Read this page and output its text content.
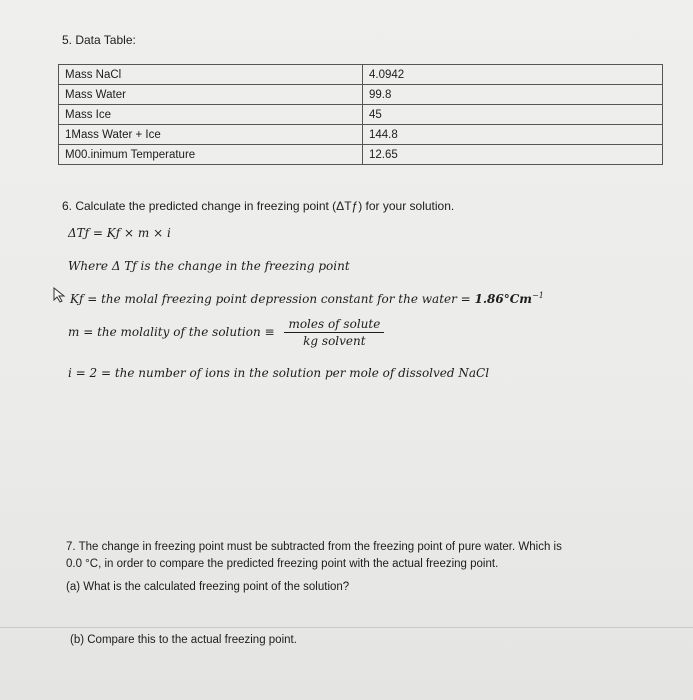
5. Data Table:
Mass NaCl	4.0942
Mass Water	99.8
Mass Ice	45
1Mass Water + Ice	144.8
M00.inimum Temperature	12.65
6. Calculate the predicted change in freezing point (ΔTƒ) for your solution.
ΔTƒ = Kƒ × m × i
Where Δ Tƒ is the change in the freezing point
Kƒ = the molal freezing point depression constant for the water = $1.86^\circ Cm^{-1}$
m = the molality of the solution ≡ $\frac{\text{moles of solute}}{\text{kg solvent}}$
i = 2 = the number of ions in the solution per mole of dissolved NaCl
7. The change in freezing point must be subtracted from the freezing point of pure water. Which is
0.0 °C, in order to compare the predicted freezing point with the actual freezing point.
(a) What is the calculated freezing point of the solution?
(b) Compare this to the actual freezing point.
